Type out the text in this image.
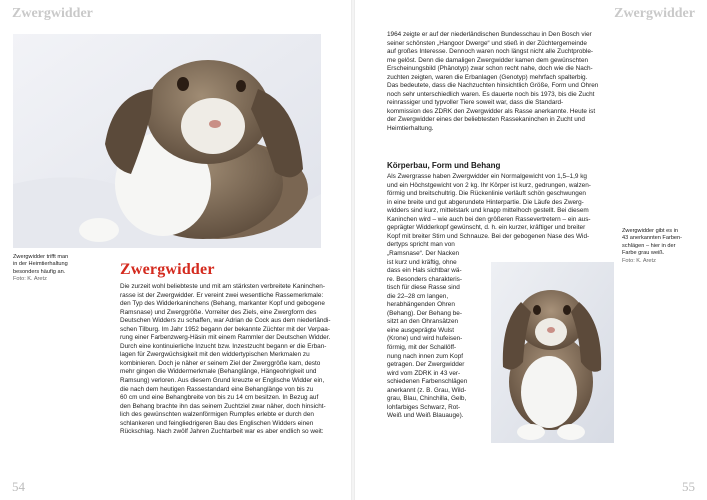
Zwergwidder
Zwergwidder trifft man
in der Heimtierhaltung
besonders häufig an.
Foto: K. Aretz
Zwergwidder

Die zurzeit wohl beliebteste und mit am stärksten verbreitete Kaninchen-

rasse ist der Zwergwidder. Er vereint zwei wesentliche Rassemerkmale:

den Typ des Widderkaninchens (Behang, markanter Kopf und gebogene

Ramsnase) und Zwerggröße. Vorreiter des Ziels, eine Zwergform des

Deutschen Widders zu schaffen, war Adrian de Cock aus dem niederländi-

schen Tilburg. Im Jahr 1952 begann der bekannte Züchter mit der Verpaa-

rung einer Farbenzwerg-Häsin mit einem Rammler der Deutschen Widder.

Durch eine kontinuierliche Inzucht bzw. Inzestzucht begann er die Erban-

lagen für Zwergwüchsigkeit mit den widdertypischen Merkmalen zu

kombinieren. Doch je näher er seinem Ziel der Zwerggröße kam, desto

mehr gingen die Widdermerkmale (Behanglänge, Hängeohrigkeit und

Ramsung) verloren. Aus diesem Grund kreuzte er Englische Widder ein,

die nach dem heutigen Rassestandard eine Behanglänge von bis zu

60 cm und eine Behangbreite von bis zu 14 cm besitzen. In Bezug auf

den Behang brachte ihn das seinem Zuchtziel zwar näher, doch hinsicht-

lich des gewünschten walzenförmigen Rumpfes erlebte er durch den

schlankeren und feingliedrigeren Bau des Englischen Widders einen

Rückschlag. Nach zwölf Jahren Zuchtarbeit war es aber endlich so weit:

54
Zwergwidder
55

1964 zeigte er auf der niederländischen Bundesschau in Den Bosch vier

seiner schönsten „Hangoor Dwerge“ und stieß in der Züchtergemeinde

auf großes Interesse. Dennoch waren noch längst nicht alle Zuchtproble-

me gelöst. Denn die damaligen Zwergwidder kamen dem gewünschten

Erscheinungsbild (Phänotyp) zwar schon recht nahe, doch wie die Nach-

zuchten zeigten, waren die Erbanlagen (Genotyp) mehrfach spalterbig.

Das bedeutete, dass die Nachzuchten hinsichtlich Größe, Form und Ohren

noch sehr unterschiedlich waren. Es dauerte noch bis 1973, bis die Zucht

reinrassiger und typvoller Tiere soweit war, dass die Standard-

kommission des ZDRK den Zwergwidder als Rasse anerkannte. Heute ist

der Zwergwidder eines der beliebtesten Rassekaninchen in Zucht und

Heimtierhaltung.

Körperbau, Form und Behang

Als Zwergrasse haben Zwergwidder ein Normalgewicht von 1,5–1,9 kg

und ein Höchstgewicht von 2 kg. Ihr Körper ist kurz, gedrungen, walzen-

förmig und breitschultrig. Die Rückenlinie verläuft schön geschwungen

in eine breite und gut abgerundete Hinterpartie. Die Läufe des Zwerg-

widders sind kurz, mittelstark und knapp mittelhoch gestellt. Bei diesem

Kaninchen wird – wie auch bei den größeren Rassevertretern – ein aus-

geprägter Widderkopf gewünscht, d. h. ein kurzer, kräftiger und breiter

Kopf mit breiter Stirn und Schnauze. Bei der gebogenen Nase des Wid-

dertyps spricht man von

„Ramsnase“. Der Nacken

ist kurz und kräftig, ohne

dass ein Hals sichtbar wä-

re. Besonders charakteris-

tisch für diese Rasse sind

die 22–28 cm langen,

herabhängenden Ohren

(Behang). Der Behang be-

sitzt an den Ohransätzen

eine ausgeprägte Wulst

(Krone) und wird hufeisen-

förmig, mit der Schallöff-

nung nach innen zum Kopf

getragen. Der Zwergwidder

wird vom ZDRK in 43 ver-

schiedenen Farbenschlägen

anerkannt (z. B. Grau, Wild-

grau, Blau, Chinchilla, Gelb,

lohfarbiges Schwarz, Rot-

Weiß und Weiß Blauauge).

Zwergwidder gibt es in
43 anerkannten Farben-
schlägen – hier in der
Farbe grau weiß.
Foto: K. Aretz
